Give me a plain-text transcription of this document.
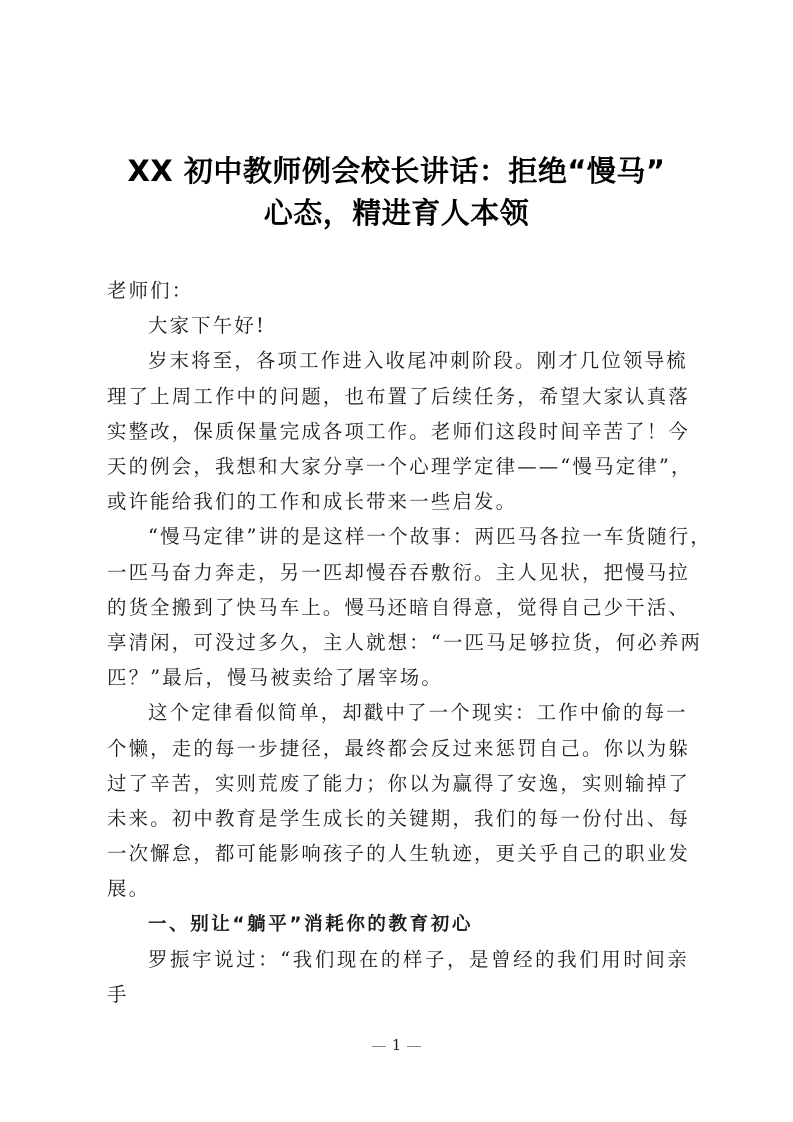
XX 初中教师例会校长讲话：拒绝“慢马”
心态，精进育人本领

老师们：

大家下午好!

岁末将至，各项工作进入收尾冲刺阶段。刚才几位领导梳
理了上周工作中的问题，也布置了后续任务，希望大家认真落
实整改，保质保量完成各项工作。老师们这段时间辛苦了！今
天的例会，我想和大家分享一个心理学定律——“慢马定律”，
或许能给我们的工作和成长带来一些启发。

“慢马定律”讲的是这样一个故事：两匹马各拉一车货随行，
一匹马奋力奔走，另一匹却慢吞吞敷衍。主人见状，把慢马拉
的货全搬到了快马车上。慢马还暗自得意，觉得自己少干活、
享清闲，可没过多久，主人就想：“一匹马足够拉货，何必养两
匹？”最后，慢马被卖给了屠宰场。

这个定律看似简单，却戳中了一个现实：工作中偷的每一
个懒，走的每一步捷径，最终都会反过来惩罚自己。你以为躲
过了辛苦，实则荒废了能力；你以为赢得了安逸，实则输掉了
未来。初中教育是学生成长的关键期，我们的每一份付出、每
一次懈怠，都可能影响孩子的人生轨迹，更关乎自己的职业发
展。

一、别让“躺平”消耗你的教育初心

罗振宇说过：“我们现在的样子，是曾经的我们用时间亲手

1
